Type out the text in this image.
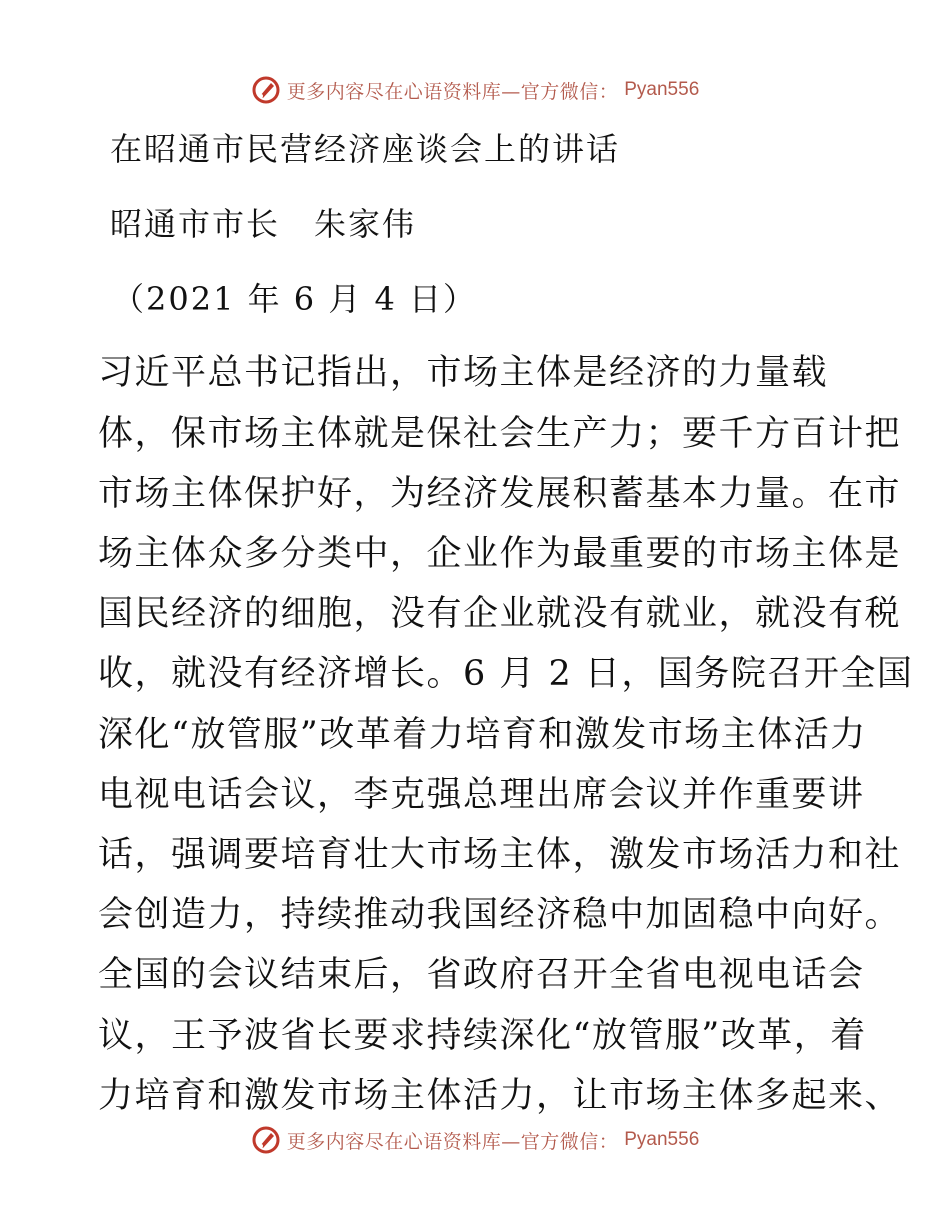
更多内容尽在心语资料库—官方微信： Pyan556
在昭通市民营经济座谈会上的讲话
昭通市市长　朱家伟
（2021 年 6 月 4 日）
习近平总书记指出，市场主体是经济的力量载
体，保市场主体就是保社会生产力；要千方百计把
市场主体保护好，为经济发展积蓄基本力量。在市
场主体众多分类中，企业作为最重要的市场主体是
国民经济的细胞，没有企业就没有就业，就没有税
收，就没有经济增长。6 月 2 日，国务院召开全国
深化“放管服”改革着力培育和激发市场主体活力
电视电话会议，李克强总理出席会议并作重要讲
话，强调要培育壮大市场主体，激发市场活力和社
会创造力，持续推动我国经济稳中加固稳中向好。
全国的会议结束后，省政府召开全省电视电话会
议，王予波省长要求持续深化“放管服”改革，着
力培育和激发市场主体活力，让市场主体多起来、
更多内容尽在心语资料库—官方微信： Pyan556
